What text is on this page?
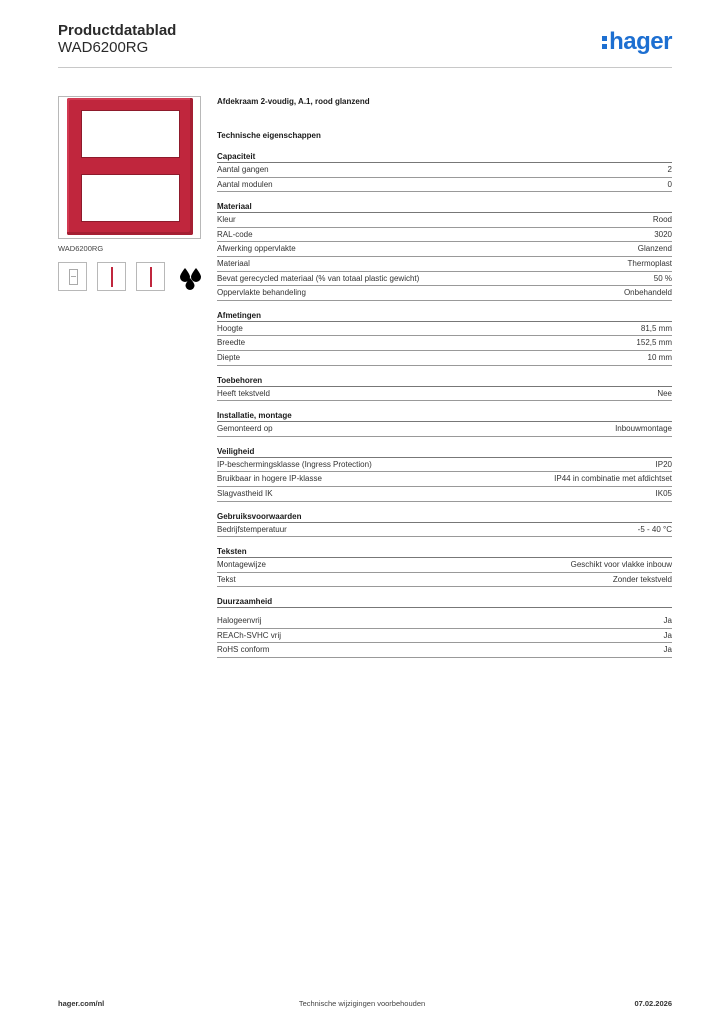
Productdatablad
WAD6200RG	hager
WAD6200RG
Afdekraam 2-voudig, A.1, rood glanzend
Technische eigenschappen
Capaciteit
Aantal gangen	2
Aantal modulen	0
Materiaal
Kleur	Rood
RAL-code	3020
Afwerking oppervlakte	Glanzend
Materiaal	Thermoplast
Bevat gerecycled materiaal (% van totaal plastic gewicht)	50 %
Oppervlakte behandeling	Onbehandeld
Afmetingen
Hoogte	81,5 mm
Breedte	152,5 mm
Diepte	10 mm
Toebehoren
Heeft tekstveld	Nee
Installatie, montage
Gemonteerd op	Inbouwmontage
Veiligheid
IP-beschermingsklasse (Ingress Protection)	IP20
Bruikbaar in hogere IP-klasse	IP44 in combinatie met afdichtset
Slagvastheid IK	IK05
Gebruiksvoorwaarden
Bedrijfstemperatuur	-5 - 40 °C
Teksten
Montagewijze	Geschikt voor vlakke inbouw
Tekst	Zonder tekstveld
Duurzaamheid
Halogeenvrij	Ja
REACh-SVHC vrij	Ja
RoHS conform	Ja
hager.com/nl	Technische wijzigingen voorbehouden	07.02.2026
